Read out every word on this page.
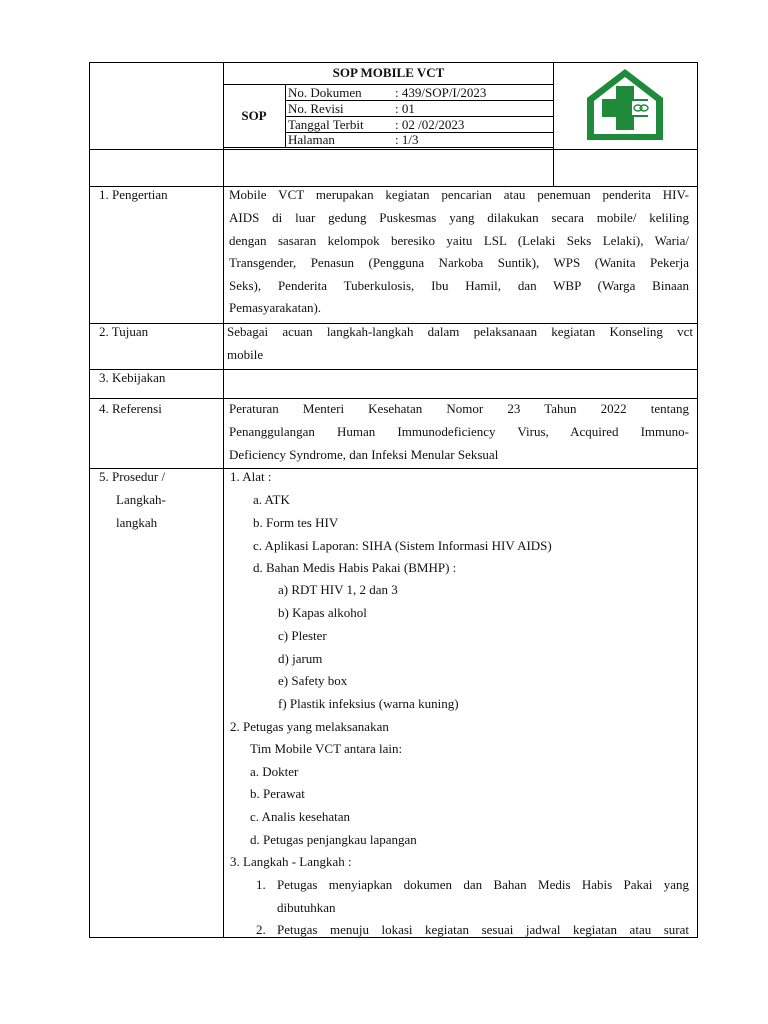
SOP MOBILE VCT
SOP
No. Dokumen	: 439/SOP/I/2023
No. Revisi	: 01
Tanggal Terbit : 02 /02/2023
Halaman	: 1/3
1. Pengertian	Mobile VCT merupakan kegiatan pencarian atau penemuan penderita HIV-
AIDS di luar gedung Puskesmas yang dilakukan secara mobile/ keliling
dengan sasaran kelompok beresiko yaitu LSL (Lelaki Seks Lelaki), Waria/
Transgender, Penasun (Pengguna Narkoba Suntik), WPS (Wanita Pekerja
Seks), Penderita Tuberkulosis, Ibu Hamil, dan WBP (Warga Binaan
Pemasyarakatan).
2. Tujuan	Sebagai acuan langkah-langkah dalam pelaksanaan kegiatan Konseling vct
mobile
3. Kebijakan
4. Referensi	Peraturan Menteri Kesehatan Nomor 23 Tahun 2022 tentang
Penanggulangan Human Immunodeficiency Virus, Acquired Immuno-
Deficiency Syndrome, dan Infeksi Menular Seksual
5. Prosedur /
Langkah-
langkah
1. Alat :
a. ATK
b. Form tes HIV
c. Aplikasi Laporan: SIHA (Sistem Informasi HIV AIDS)
d. Bahan Medis Habis Pakai (BMHP) :
a) RDT HIV 1, 2 dan 3
b) Kapas alkohol
c) Plester
d) jarum
e) Safety box
f) Plastik infeksius (warna kuning)
2. Petugas yang melaksanakan
Tim Mobile VCT antara lain:
a. Dokter
b. Perawat
c. Analis kesehatan
d. Petugas penjangkau lapangan
3. Langkah - Langkah :
1. Petugas menyiapkan dokumen dan Bahan Medis Habis Pakai yang
dibutuhkan
2. Petugas menuju lokasi kegiatan sesuai jadwal kegiatan atau surat
